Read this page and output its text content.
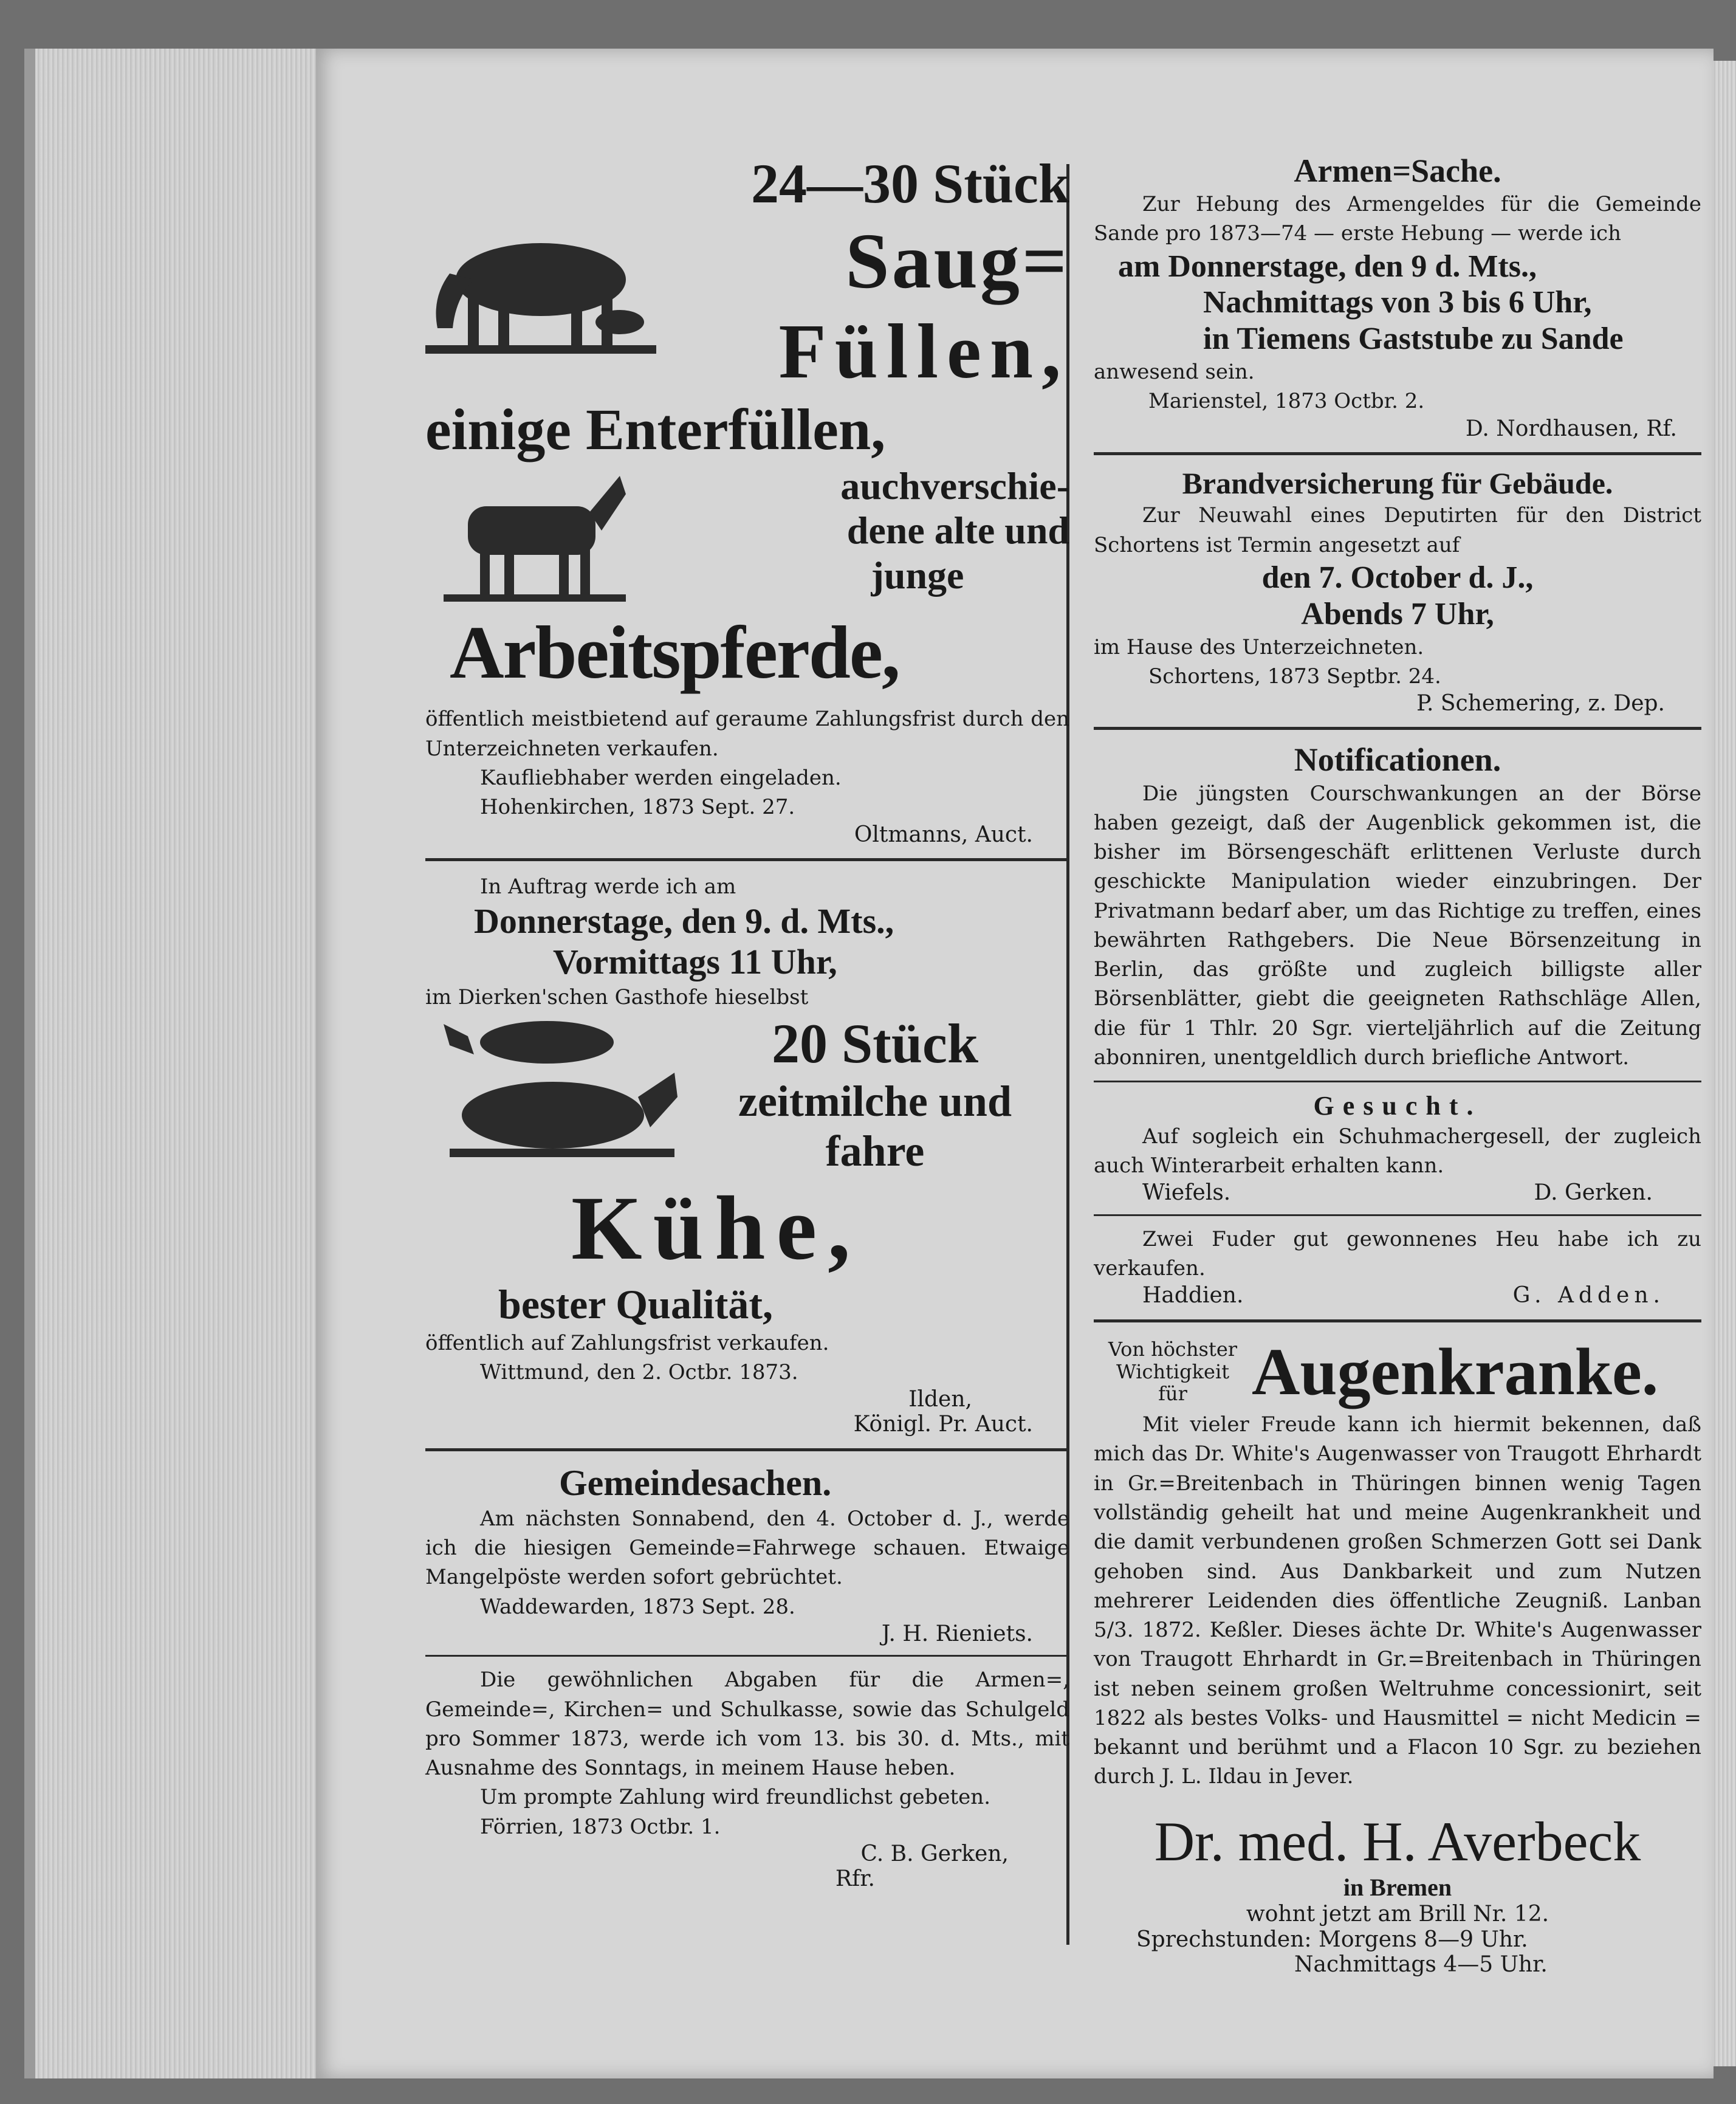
24—30 Stück
Saug=
Füllen,
einige Enterfüllen,
auchverschie-
dene alte und
junge
Arbeitspferde,

öffentlich meistbietend auf geraume Zahlungsfrist durch den Unterzeichneten verkaufen.

Kaufliebhaber werden eingeladen.

Hohenkirchen, 1873 Sept. 27.

Oltmanns, Auct.

In Auftrag werde ich am

Donnerstage, den 9. d. Mts.,
Vormittags 11 Uhr,

im Dierken'schen Gasthofe hieselbst

20 Stück
zeitmilche und
fahre
Kühe,
bester Qualität,

öffentlich auf Zahlungsfrist verkaufen.

Wittmund, den 2. Octbr. 1873.

Ilden,

Königl. Pr. Auct.

Gemeindesachen.

Am nächsten Sonnabend, den 4. October d. J., werde ich die hiesigen Gemeinde=Fahrwege schauen. Etwaige Mangelpöste werden sofort gebrüchtet.

Waddewarden, 1873 Sept. 28.

J. H. Rieniets.

Die gewöhnlichen Abgaben für die Armen=, Gemeinde=, Kirchen= und Schulkasse, sowie das Schulgeld pro Sommer 1873, werde ich vom 13. bis 30. d. Mts., mit Ausnahme des Sonntags, in meinem Hause heben.

Um prompte Zahlung wird freundlichst gebeten.

Förrien, 1873 Octbr. 1.

C. B. Gerken,

Rfr.

Armen=Sache.

Zur Hebung des Armengeldes für die Gemeinde Sande pro 1873—74 — erste Hebung — werde ich

am Donnerstage, den 9 d. Mts.,
Nachmittags von 3 bis 6 Uhr,
in Tiemens Gaststube zu Sande

anwesend sein.

Marienstel, 1873 Octbr. 2.

D. Nordhausen, Rf.

Brandversicherung für Gebäude.

Zur Neuwahl eines Deputirten für den District Schortens ist Termin angesetzt auf

den 7. October d. J.,
Abends 7 Uhr,

im Hause des Unterzeichneten.

Schortens, 1873 Septbr. 24.

P. Schemering, z. Dep.

Notificationen.

Die jüngsten Courschwankungen an der Börse haben gezeigt, daß der Augenblick gekommen ist, die bisher im Börsengeschäft erlittenen Verluste durch geschickte Manipulation wieder einzubringen. Der Privatmann bedarf aber, um das Richtige zu treffen, eines bewährten Rathgebers. Die Neue Börsenzeitung in Berlin, das größte und zugleich billigste aller Börsenblätter, giebt die geeigneten Rathschläge Allen, die für 1 Thlr. 20 Sgr. vierteljährlich auf die Zeitung abonniren, unentgeldlich durch briefliche Antwort.

Gesucht.

Auf sogleich ein Schuhmachergesell, der zugleich auch Winterarbeit erhalten kann.

Wiefels.	D. Gerken.

Zwei Fuder gut gewonnenes Heu habe ich zu verkaufen.

Haddien.	G. Adden.
Von höchster
Wichtigkeit
für Augenkranke.

Mit vieler Freude kann ich hiermit bekennen, daß mich das Dr. White's Augenwasser von Traugott Ehrhardt in Gr.=Breitenbach in Thüringen binnen wenig Tagen vollständig geheilt hat und meine Augenkrankheit und die damit verbundenen großen Schmerzen Gott sei Dank gehoben sind. Aus Dankbarkeit und zum Nutzen mehrerer Leidenden dies öffentliche Zeugniß. Lanban 5/3. 1872. Keßler. Dieses ächte Dr. White's Augenwasser von Traugott Ehrhardt in Gr.=Breitenbach in Thüringen ist neben seinem großen Weltruhme concessionirt, seit 1822 als bestes Volks- und Hausmittel = nicht Medicin = bekannt und berühmt und a Flacon 10 Sgr. zu beziehen durch J. L. Ildau in Jever.

Dr. med. H. Averbeck
in Bremen
wohnt jetzt am Brill Nr. 12.
Sprechstunden: Morgens 8—9 Uhr.
Nachmittags 4—5 Uhr.
